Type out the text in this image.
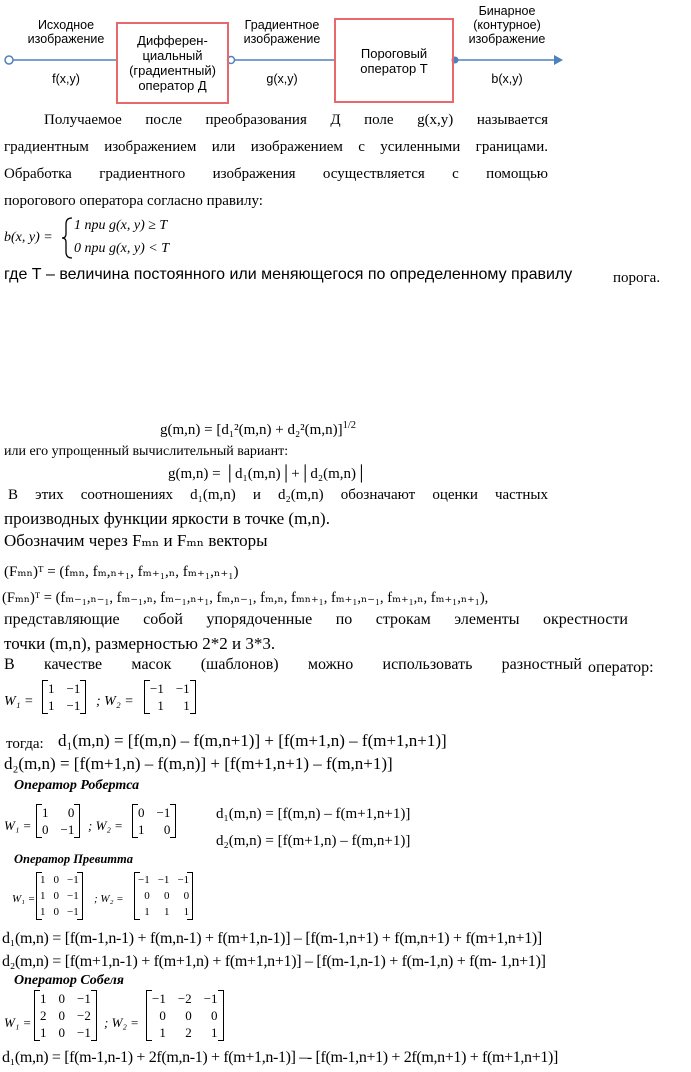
Исходное
изображение
f(x,y)
Дифферен-
циальный
(градиентный)
оператор Д
Градиентное
изображение
g(x,y)
Пороговый
оператор Т
Бинарное
(контурное)
изображение
b(x,y)
Получаемое после преобразования Д поле g(x,y) называется
градиентным изображением или изображением с усиленными границами.
Обработка градиентного изображения осуществляется с помощью
порогового оператора согласно правилу:
b(x, y) =
1 при g(x, y) ≥ T
0 при g(x, y) < T
где Т – величина постоянного или меняющегося по определенному правилу	порога.
$g(m,n) = [d_1^2(m,n) + d_2^2(m,n)]^{1/2}$
или его упрощенный вычислительный вариант:
g(m,n) = │d₁(m,n)│+│d₂(m,n)│
В этих соотношениях d₁(m,n) и d₂(m,n) обозначают оценки частных
производных функции яркости в точке (m,n).
Обозначим через Fₘₙ и Fₘₙ векторы
(Fₘₙ)ᵀ = (fₘₙ, fₘ,ₙ₊₁, fₘ₊₁,ₙ, fₘ₊₁,ₙ₊₁)
(Fₘₙ)ᵀ = (fₘ₋₁,ₙ₋₁, fₘ₋₁,ₙ, fₘ₋₁,ₙ₊₁, fₘ,ₙ₋₁, fₘ,ₙ, fₘₙ₊₁, fₘ₊₁,ₙ₋₁, fₘ₊₁,ₙ, fₘ₊₁,ₙ₊₁),
представляющие собой упорядоченные по строкам элементы окрестности
точки (m,n), размерностью 2*2 и 3*3.
В качестве масок (шаблонов) можно использовать разностный оператор:
W₁ =
1	−1
1	−1 ; W₂ =
−1	−1
1	1
тогда: d₁(m,n) = [f(m,n) – f(m,n+1)] + [f(m+1,n) – f(m+1,n+1)]
d₂(m,n) = [f(m+1,n) – f(m,n)] + [f(m+1,n+1) – f(m,n+1)]
Оператор Робертса
W₁ =
1	0
0	−1 ; W₂ =
0	−1
1	0
d₁(m,n) = [f(m,n) – f(m+1,n+1)]
d₂(m,n) = [f(m+1,n) – f(m,n+1)]
Оператор Превитта
W₁ =
1	0	−1
1	0	−1
1	0	−1
; W₂ =
−1	−1	−1
0	0	0
1	1	1
d₁(m,n) = [f(m-1,n-1) + f(m,n-1) + f(m+1,n-1)] – [f(m-1,n+1) + f(m,n+1) + f(m+1,n+1)]
d₂(m,n) = [f(m+1,n-1) + f(m+1,n) + f(m+1,n+1)] – [f(m-1,n-1) + f(m-1,n) + f(m- 1,n+1)]
Оператор Собеля
W₁ =
1	0	−1
2	0	−2
1	0	−1
; W₂ =
−1	−2	−1
0	0	0
1	2	1
d₁(m,n) = [f(m-1,n-1) + 2f(m,n-1) + f(m+1,n-1)] –- [f(m-1,n+1) + 2f(m,n+1) + f(m+1,n+1)]
